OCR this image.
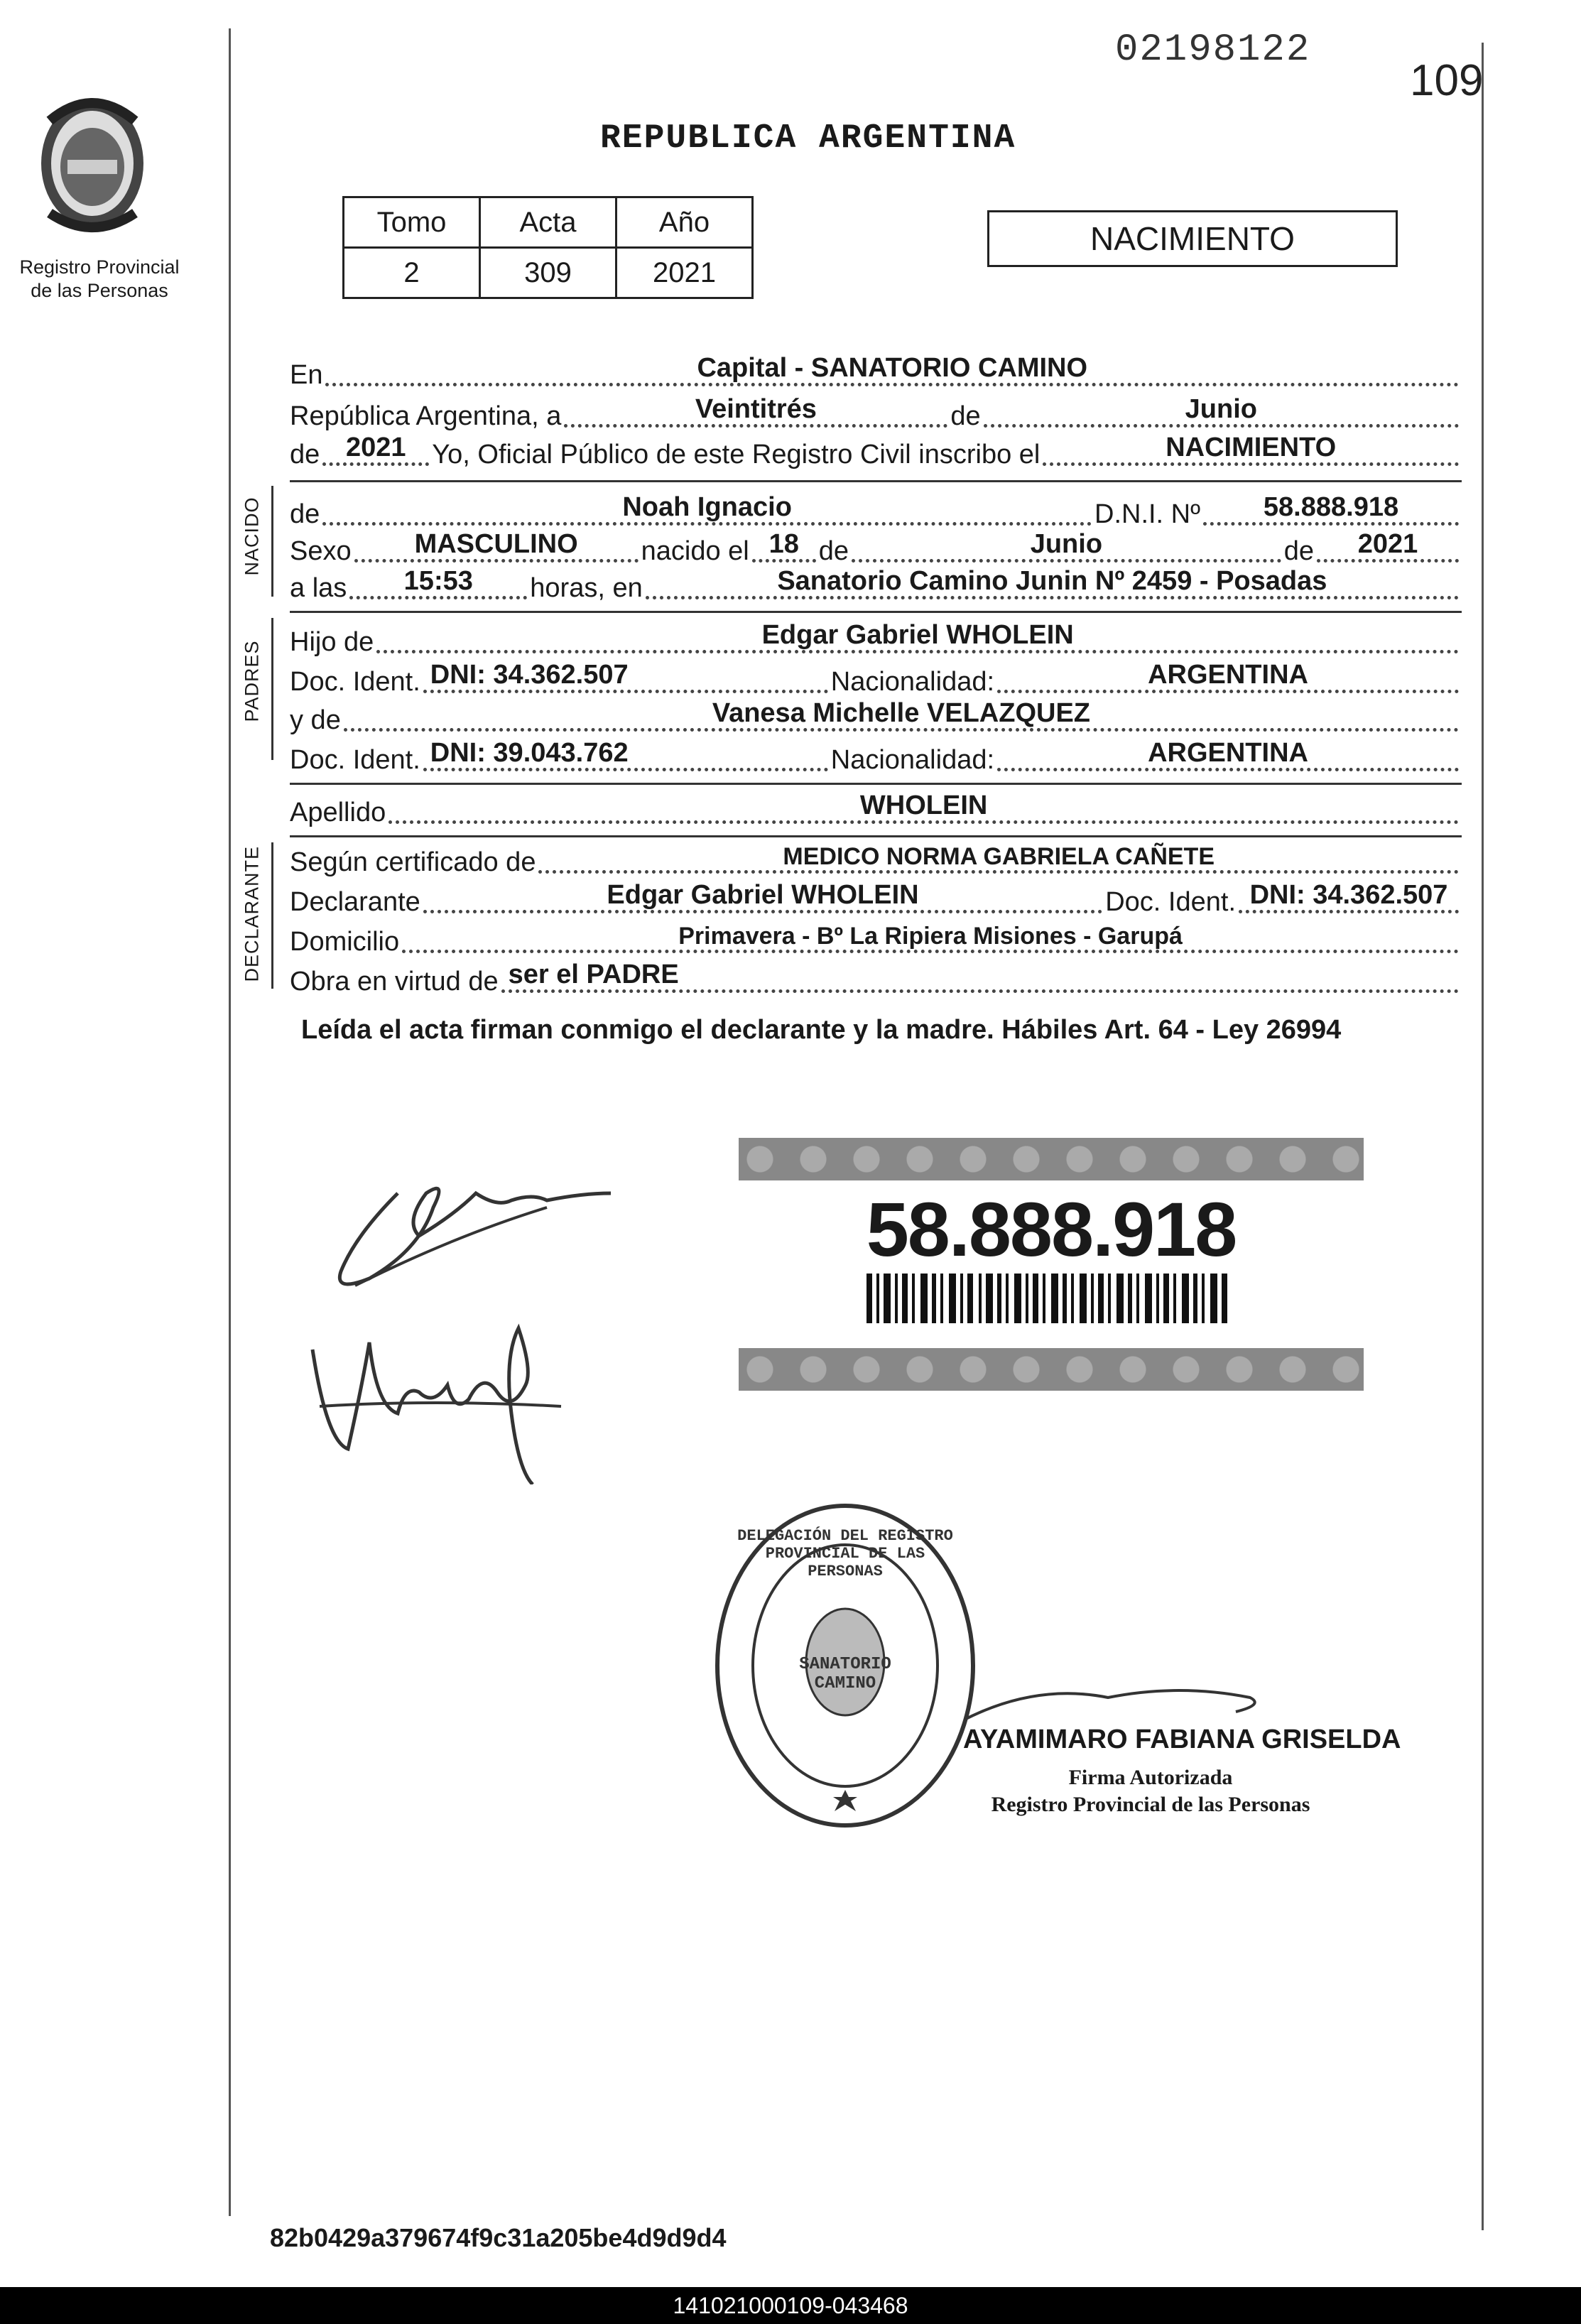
Registro Provincial
de las Personas
02198122
109
REPUBLICA ARGENTINA
Tomo	Acta	Año
2	309	2021
NACIMIENTO
En	Capital - SANATORIO CAMINO
República Argentina, a	Veintitrés	de	Junio
de 2021 Yo, Oficial Público de este Registro Civil inscribo el	NACIMIENTO
NACIDO de	Noah Ignacio	D.N.I. Nº	58.888.918
Sexo	MASCULINO	nacido el 18 de	Junio	de	2021
a las	15:53	horas, en	Sanatorio Camino Junin Nº 2459 - Posadas
PADRES Hijo de	Edgar Gabriel WHOLEIN
Doc. Ident. DNI: 34.362.507	Nacionalidad:	ARGENTINA
y de	Vanesa Michelle VELAZQUEZ
Doc. Ident. DNI: 39.043.762	Nacionalidad:	ARGENTINA
Apellido	WHOLEIN
DECLARANTE Según certificado de	MEDICO NORMA GABRIELA CAÑETE
Declarante	Edgar Gabriel WHOLEIN	Doc. Ident. DNI: 34.362.507
Domicilio	Primavera - Bº La Ripiera Misiones - Garupá
Obra en virtud de ser el PADRE
Leída el acta firman conmigo el declarante y la madre. Hábiles Art. 64 - Ley 26994
58.888.918
DELEGACIÓN DEL REGISTRO PROVINCIAL DE LAS PERSONAS
SANATORIO CAMINO
AYAMIMARO FABIANA GRISELDA
Firma Autorizada
Registro Provincial de las Personas
82b0429a379674f9c31a205be4d9d9d4
141021000109-043468
